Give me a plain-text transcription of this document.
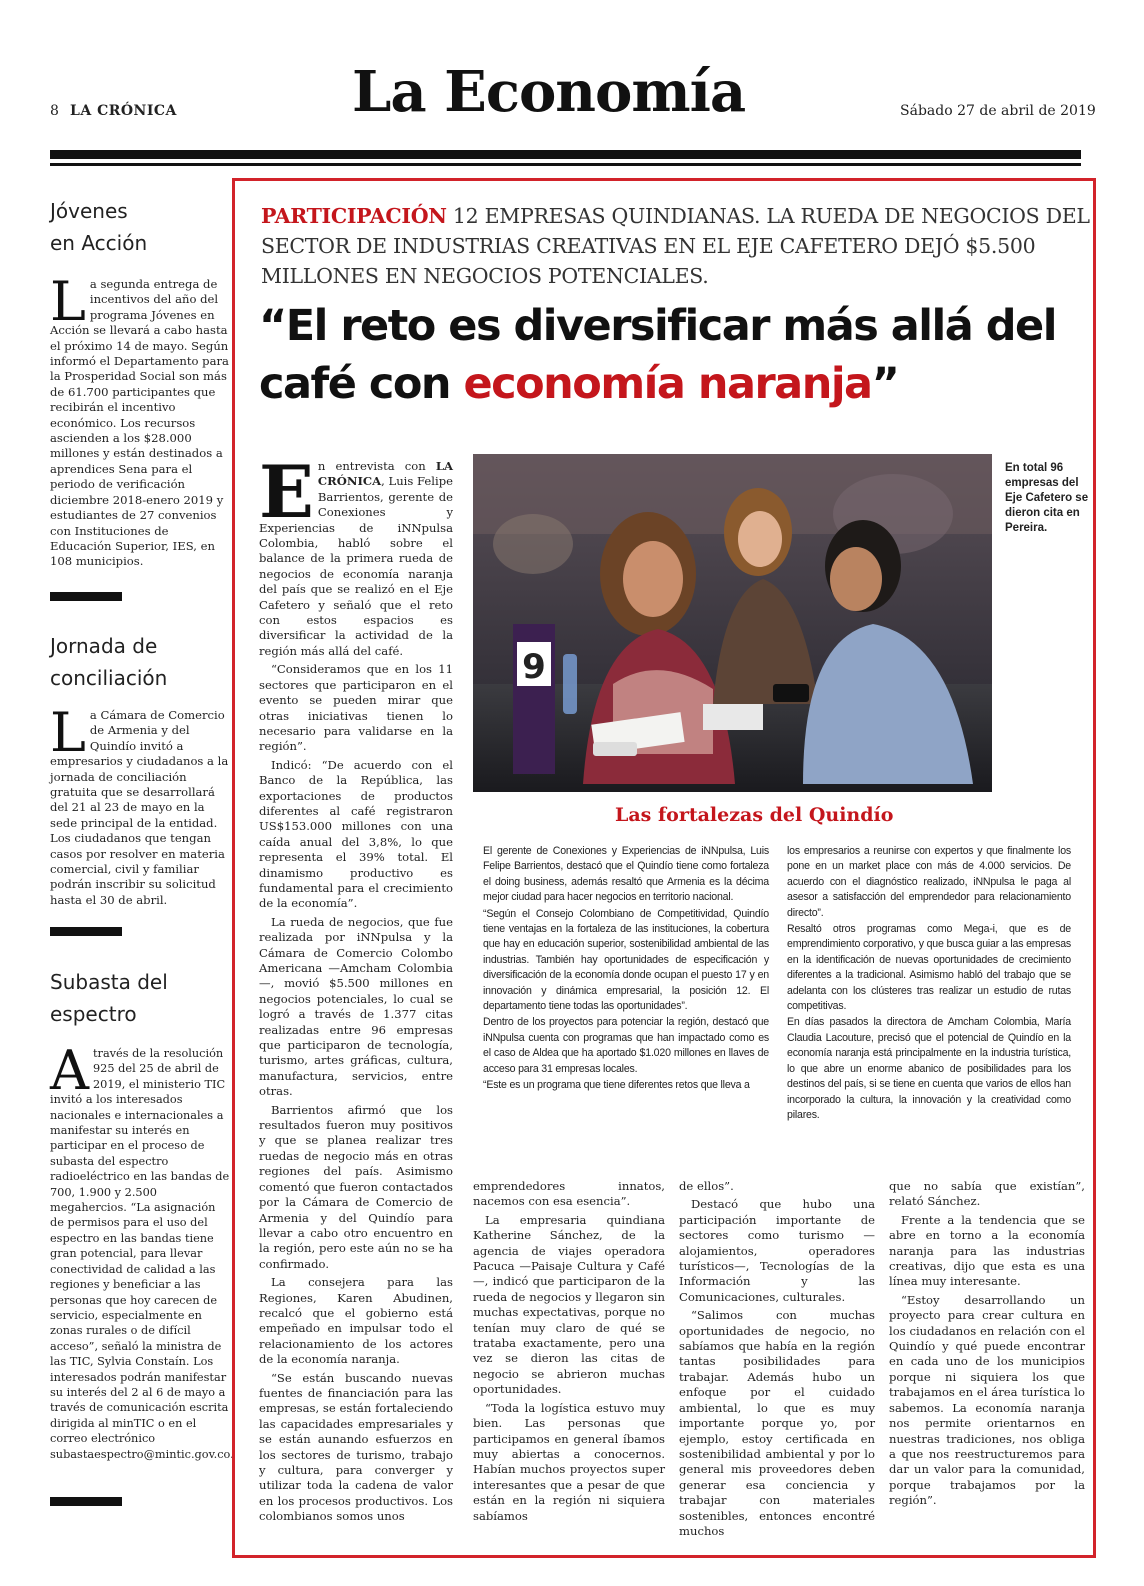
8 LA CRÓNICA	La Economía	Sábado 27 de abril de 2019
Jóvenes
en Acción
L a segunda entrega de incentivos del año del programa Jóvenes en Acción se llevará a cabo hasta el próximo 14 de mayo. Según informó el Departamento para la Prosperidad Social son más de 61.700 participantes que recibirán el incentivo económico. Los recursos ascienden a los $28.000 millones y están destinados a aprendices Sena para el periodo de verificación diciembre 2018-enero 2019 y estudiantes de 27 convenios con Instituciones de Educación Superior, IES, en 108 municipios.

Jornada de
conciliación
L a Cámara de Comercio de Armenia y del Quindío invitó a empresarios y ciudadanos a la jornada de conciliación gratuita que se desarrollará del 21 al 23 de mayo en la sede principal de la entidad. Los ciudadanos que tengan casos por resolver en materia comercial, civil y familiar podrán inscribir su solicitud hasta el 30 de abril.

Subasta del
espectro
A través de la resolución 925 del 25 de abril de 2019, el ministerio TIC invitó a los interesados nacionales e internacionales a manifestar su interés en participar en el proceso de subasta del espectro radioeléctrico en las bandas de 700, 1.900 y 2.500 megahercios. “La asignación de permisos para el uso del espectro en las bandas tiene gran potencial, para llevar conectividad de calidad a las regiones y beneficiar a las personas que hoy carecen de servicio, especialmente en zonas rurales o de difícil acceso”, señaló la ministra de las TIC, Sylvia Constaín. Los interesados podrán manifestar su interés del 2 al 6 de mayo a través de comunicación escrita dirigida al minTIC o en el correo electrónico subastaespectro@mintic.gov.co.

PARTICIPACIÓN 12 EMPRESAS QUINDIANAS. LA RUEDA DE NEGOCIOS DEL SECTOR DE INDUSTRIAS CREATIVAS EN EL EJE CAFETERO DEJÓ $5.500 MILLONES EN NEGOCIOS POTENCIALES.

“El reto es diversificar más allá del café con economía naranja”
E n entrevista con LA CRÓNICA, Luis Felipe Barrientos, gerente de Conexiones y Experiencias de iNNpulsa Colombia, habló sobre el balance de la primera rueda de negocios de economía naranja del país que se realizó en el Eje Cafetero y señaló que el reto con estos espacios es diversificar la actividad de la región más allá del café.

“Consideramos que en los 11 sectores que participaron en el evento se pueden mirar que otras iniciativas tienen lo necesario para validarse en la región”.

Indicó: “De acuerdo con el Banco de la República, las exportaciones de productos diferentes al café registraron US$153.000 millones con una caída anual del 3,8%, lo que representa el 39% total. El dinamismo productivo es fundamental para el crecimiento de la economía”.

La rueda de negocios, que fue realizada por iNNpulsa y la Cámara de Comercio Colombo Americana —Amcham Colombia—, movió $5.500 millones en negocios potenciales, lo cual se logró a través de 1.377 citas realizadas entre 96 empresas que participaron de tecnología, turismo, artes gráficas, cultura, manufactura, servicios, entre otras.

Barrientos afirmó que los resultados fueron muy positivos y que se planea realizar tres ruedas de negocio más en otras regiones del país. Asimismo comentó que fueron contactados por la Cámara de Comercio de Armenia y del Quindío para llevar a cabo otro encuentro en la región, pero este aún no se ha confirmado.

La consejera para las Regiones, Karen Abudinen, recalcó que el gobierno está empeñado en impulsar todo el relacionamiento de los actores de la economía naranja.

“Se están buscando nuevas fuentes de financiación para las empresas, se están fortaleciendo las capacidades empresariales y se están aunando esfuerzos en los sectores de turismo, trabajo y cultura, para converger y utilizar toda la cadena de valor en los procesos productivos. Los colombianos somos unos

9

En total 96 empresas del Eje Cafetero se dieron cita en Pereira.

Las fortalezas del Quindío

El gerente de Conexiones y Experiencias de iNNpulsa, Luis Felipe Barrientos, destacó que el Quindío tiene como fortaleza el doing business, además resaltó que Armenia es la décima mejor ciudad para hacer negocios en territorio nacional.

“Según el Consejo Colombiano de Competitividad, Quindío tiene ventajas en la fortaleza de las instituciones, la cobertura que hay en educación superior, sostenibilidad ambiental de las industrias. También hay oportunidades de especificación y diversificación de la economía donde ocupan el puesto 17 y en innovación y dinámica empresarial, la posición 12. El departamento tiene todas las oportunidades”.

Dentro de los proyectos para potenciar la región, destacó que iNNpulsa cuenta con programas que han impactado como es el caso de Aldea que ha aportado $1.020 millones en llaves de acceso para 31 empresas locales.

“Este es un programa que tiene diferentes retos que lleva a

los empresarios a reunirse con expertos y que finalmente los pone en un market place con más de 4.000 servicios. De acuerdo con el diagnóstico realizado, iNNpulsa le paga al asesor a satisfacción del emprendedor para relacionamiento directo”.

Resaltó otros programas como Mega-i, que es de emprendimiento corporativo, y que busca guiar a las empresas en la identificación de nuevas oportunidades de crecimiento diferentes a la tradicional. Asimismo habló del trabajo que se adelanta con los clústeres tras realizar un estudio de rutas competitivas.

En días pasados la directora de Amcham Colombia, María Claudia Lacouture, precisó que el potencial de Quindío en la economía naranja está principalmente en la industria turística, lo que abre un enorme abanico de posibilidades para los destinos del país, si se tiene en cuenta que varios de ellos han incorporado la cultura, la innovación y la creatividad como pilares.

emprendedores innatos, nacemos con esa esencia”.

La empresaria quindiana Katherine Sánchez, de la agencia de viajes operadora Pacuca —Paisaje Cultura y Café—, indicó que participaron de la rueda de negocios y llegaron sin muchas expectativas, porque no tenían muy claro de qué se trataba exactamente, pero una vez se dieron las citas de negocio se abrieron muchas oportunidades.

“Toda la logística estuvo muy bien. Las personas que participamos en general íbamos muy abiertas a conocernos. Habían muchos proyectos super interesantes que a pesar de que están en la región ni siquiera sabíamos

de ellos”.

Destacó que hubo una participación importante de sectores como turismo —alojamientos, operadores turísticos—, Tecnologías de la Información y las Comunicaciones, culturales.

“Salimos con muchas oportunidades de negocio, no sabíamos que había en la región tantas posibilidades para trabajar. Además hubo un enfoque por el cuidado ambiental, lo que es muy importante porque yo, por ejemplo, estoy certificada en sostenibilidad ambiental y por lo general mis proveedores deben generar esa conciencia y trabajar con materiales sostenibles, entonces encontré muchos

que no sabía que existían”, relató Sánchez.

Frente a la tendencia que se abre en torno a la economía naranja para las industrias creativas, dijo que esta es una línea muy interesante.

“Estoy desarrollando un proyecto para crear cultura en los ciudadanos en relación con el Quindío y qué puede encontrar en cada uno de los municipios porque ni siquiera los que trabajamos en el área turística lo sabemos. La economía naranja nos permite orientarnos en nuestras tradiciones, nos obliga a que nos reestructuremos para dar un valor para la comunidad, porque trabajamos por la región”.
